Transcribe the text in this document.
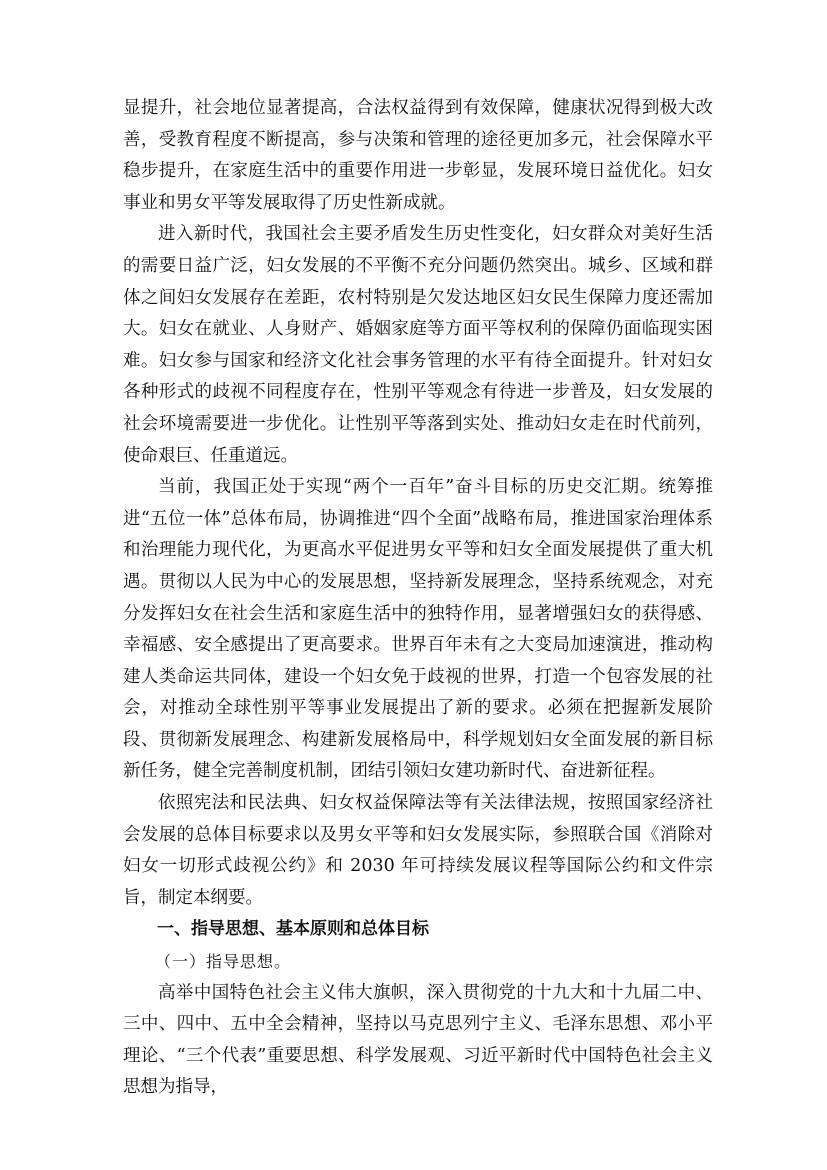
显提升，社会地位显著提高，合法权益得到有效保障，健康状况得到极大改善，受教育程度不断提高，参与决策和管理的途径更加多元，社会保障水平稳步提升，在家庭生活中的重要作用进一步彰显，发展环境日益优化。妇女事业和男女平等发展取得了历史性新成就。

进入新时代，我国社会主要矛盾发生历史性变化，妇女群众对美好生活的需要日益广泛，妇女发展的不平衡不充分问题仍然突出。城乡、区域和群体之间妇女发展存在差距，农村特别是欠发达地区妇女民生保障力度还需加大。妇女在就业、人身财产、婚姻家庭等方面平等权利的保障仍面临现实困难。妇女参与国家和经济文化社会事务管理的水平有待全面提升。针对妇女各种形式的歧视不同程度存在，性别平等观念有待进一步普及，妇女发展的社会环境需要进一步优化。让性别平等落到实处、推动妇女走在时代前列，使命艰巨、任重道远。

当前，我国正处于实现“两个一百年”奋斗目标的历史交汇期。统筹推进“五位一体”总体布局，协调推进“四个全面”战略布局，推进国家治理体系和治理能力现代化，为更高水平促进男女平等和妇女全面发展提供了重大机遇。贯彻以人民为中心的发展思想，坚持新发展理念，坚持系统观念，对充分发挥妇女在社会生活和家庭生活中的独特作用，显著增强妇女的获得感、幸福感、安全感提出了更高要求。世界百年未有之大变局加速演进，推动构建人类命运共同体，建设一个妇女免于歧视的世界，打造一个包容发展的社会，对推动全球性别平等事业发展提出了新的要求。必须在把握新发展阶段、贯彻新发展理念、构建新发展格局中，科学规划妇女全面发展的新目标新任务，健全完善制度机制，团结引领妇女建功新时代、奋进新征程。

依照宪法和民法典、妇女权益保障法等有关法律法规，按照国家经济社会发展的总体目标要求以及男女平等和妇女发展实际，参照联合国《消除对妇女一切形式歧视公约》和 2030 年可持续发展议程等国际公约和文件宗旨，制定本纲要。

一、指导思想、基本原则和总体目标

（一）指导思想。

高举中国特色社会主义伟大旗帜，深入贯彻党的十九大和十九届二中、三中、四中、五中全会精神，坚持以马克思列宁主义、毛泽东思想、邓小平理论、“三个代表”重要思想、科学发展观、习近平新时代中国特色社会主义思想为指导，
